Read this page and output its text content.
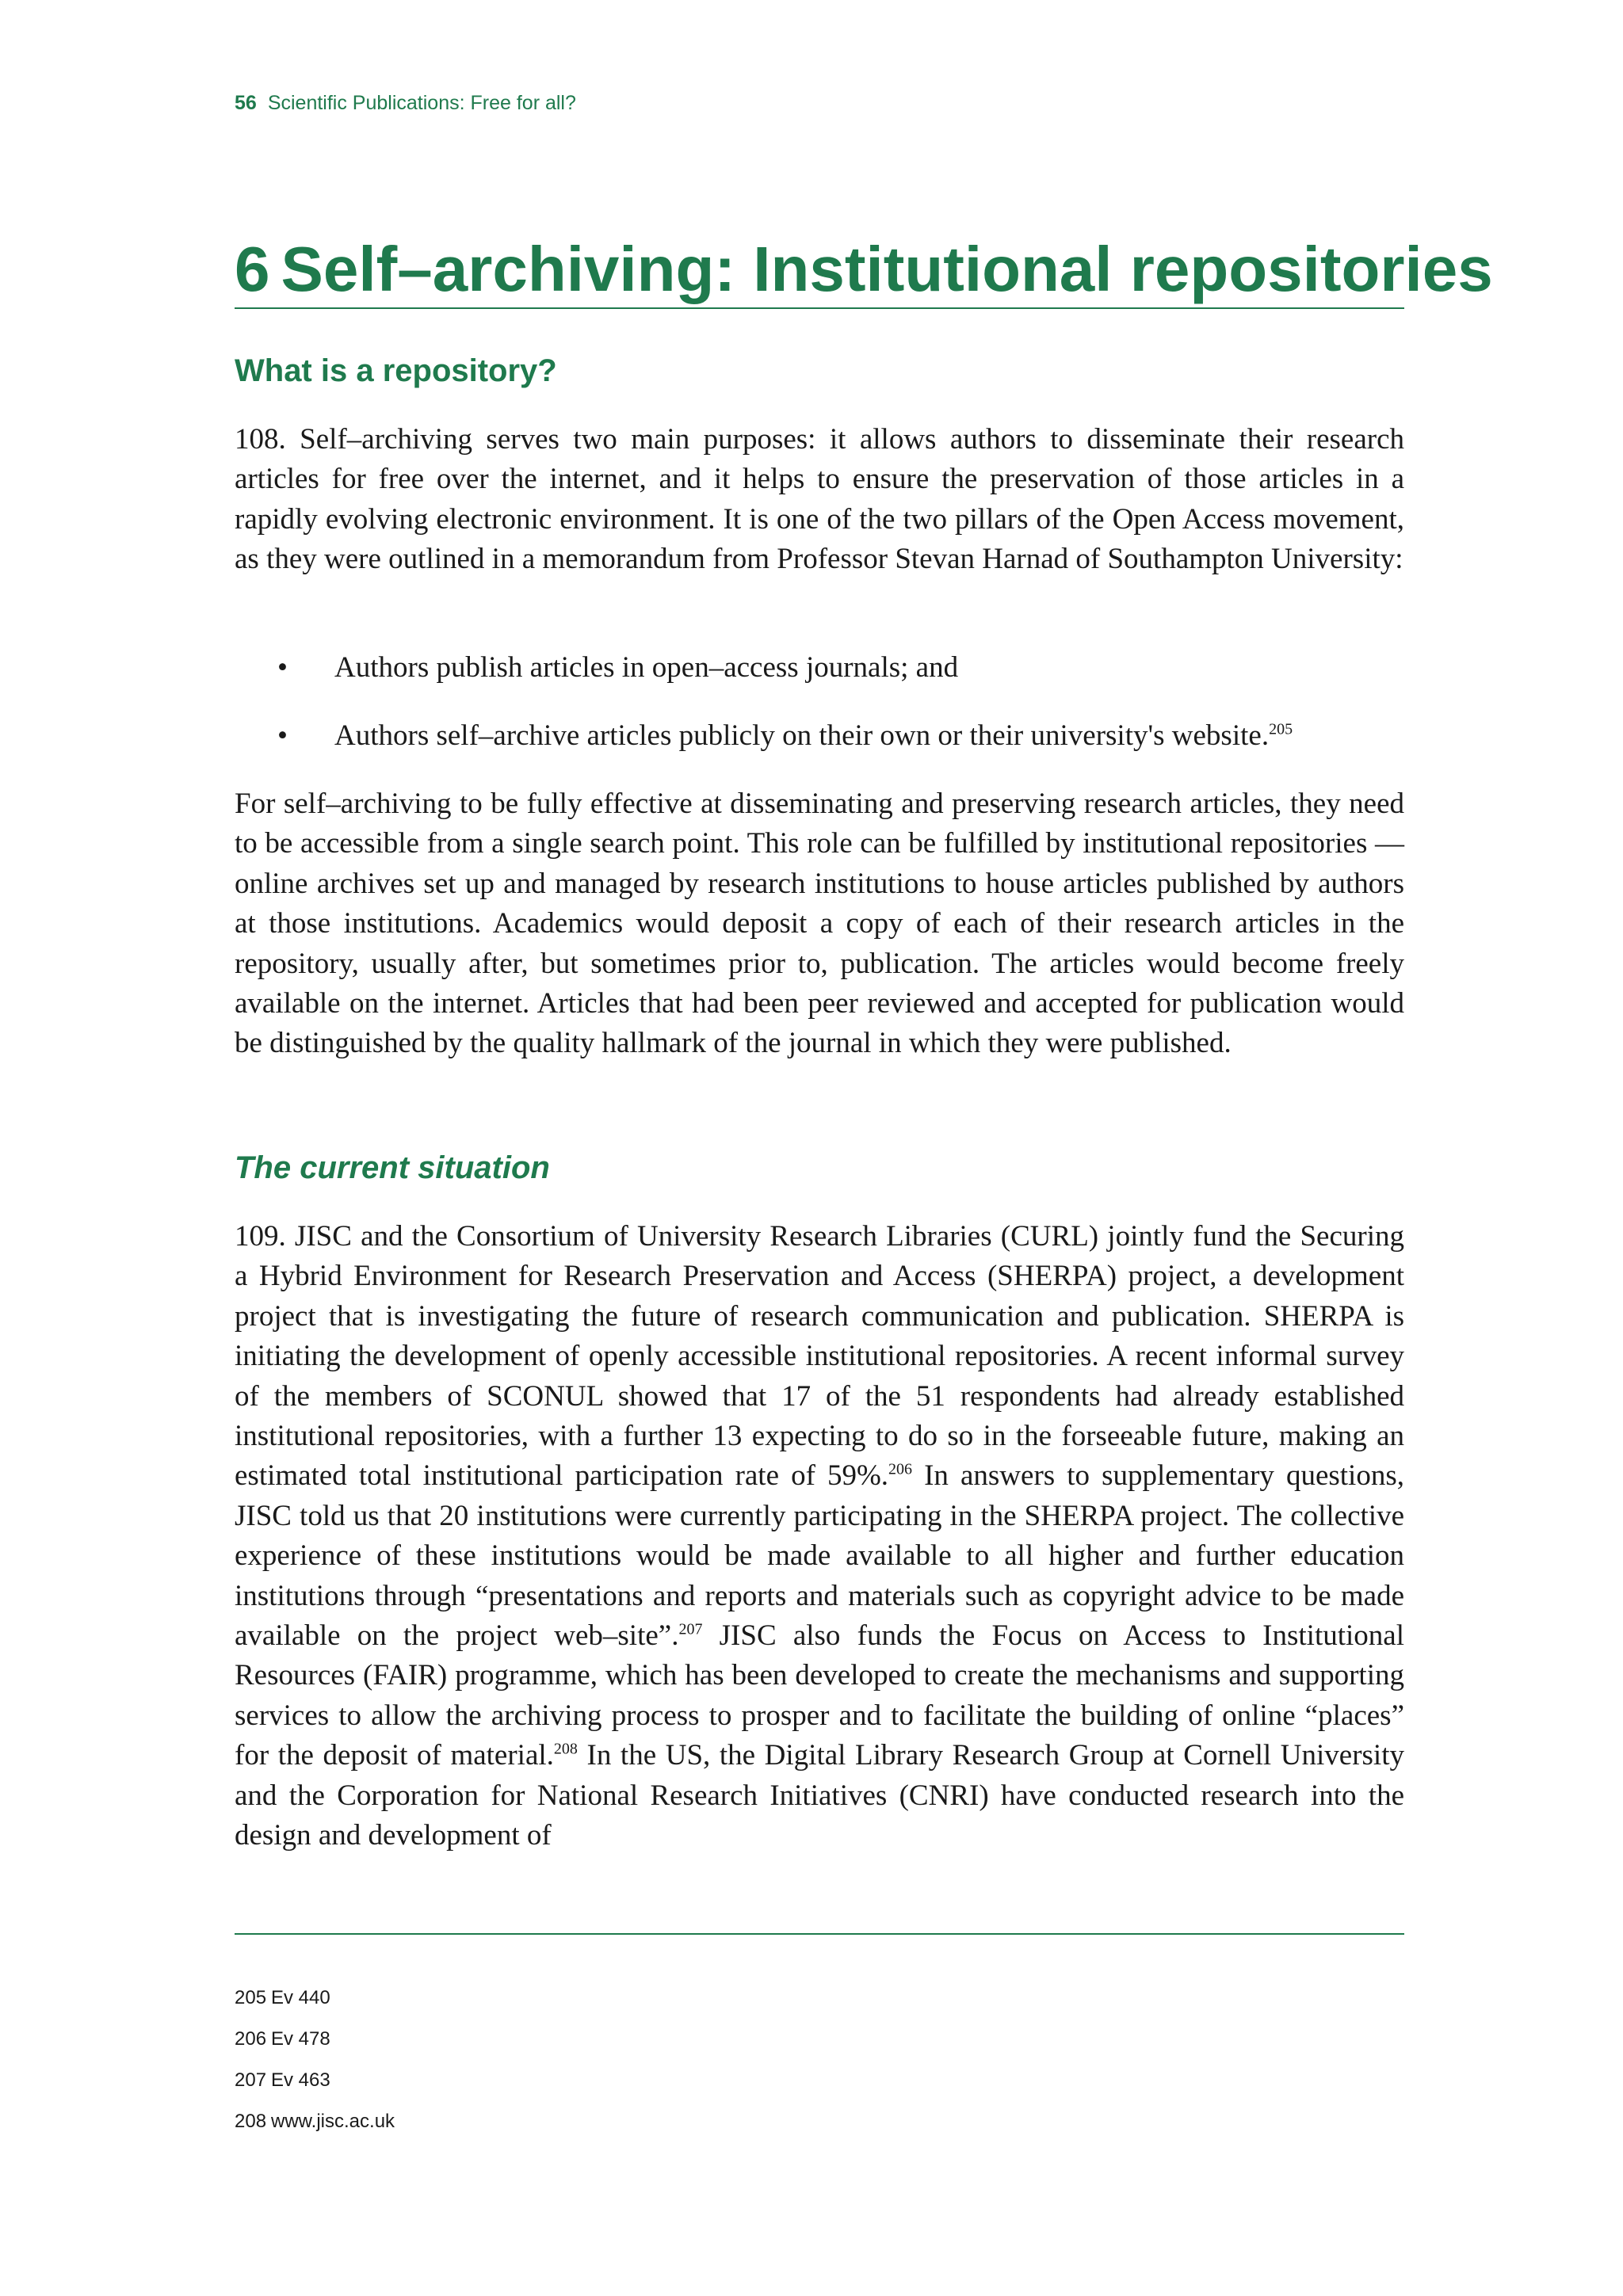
56 Scientific Publications: Free for all?
6 Self–archiving: Institutional repositories
What is a repository?

108. Self–archiving serves two main purposes: it allows authors to disseminate their research articles for free over the internet, and it helps to ensure the preservation of those articles in a rapidly evolving electronic environment. It is one of the two pillars of the Open Access movement, as they were outlined in a memorandum from Professor Stevan Harnad of Southampton University:

• Authors publish articles in open–access journals; and
• Authors self–archive articles publicly on their own or their university's website.$^{205}$

For self–archiving to be fully effective at disseminating and preserving research articles, they need to be accessible from a single search point. This role can be fulfilled by institutional repositories — online archives set up and managed by research institutions to house articles published by authors at those institutions. Academics would deposit a copy of each of their research articles in the repository, usually after, but sometimes prior to, publication. The articles would become freely available on the internet. Articles that had been peer reviewed and accepted for publication would be distinguished by the quality hallmark of the journal in which they were published.

The current situation

109. JISC and the Consortium of University Research Libraries (CURL) jointly fund the Securing a Hybrid Environment for Research Preservation and Access (SHERPA) project, a development project that is investigating the future of research communication and publication. SHERPA is initiating the development of openly accessible institutional repositories. A recent informal survey of the members of SCONUL showed that 17 of the 51 respondents had already established institutional repositories, with a further 13 expecting to do so in the forseeable future, making an estimated total institutional participation rate of 59%.$^{206}$ In answers to supplementary questions, JISC told us that 20 institutions were currently participating in the SHERPA project. The collective experience of these institutions would be made available to all higher and further education institutions through “presentations and reports and materials such as copyright advice to be made available on the project web–site”.$^{207}$ JISC also funds the Focus on Access to Institutional Resources (FAIR) programme, which has been developed to create the mechanisms and supporting services to allow the archiving process to prosper and to facilitate the building of online “places” for the deposit of material.$^{208}$ In the US, the Digital Library Research Group at Cornell University and the Corporation for National Research Initiatives (CNRI) have conducted research into the design and development of

205 Ev 440
206 Ev 478
207 Ev 463
208 www.jisc.ac.uk
